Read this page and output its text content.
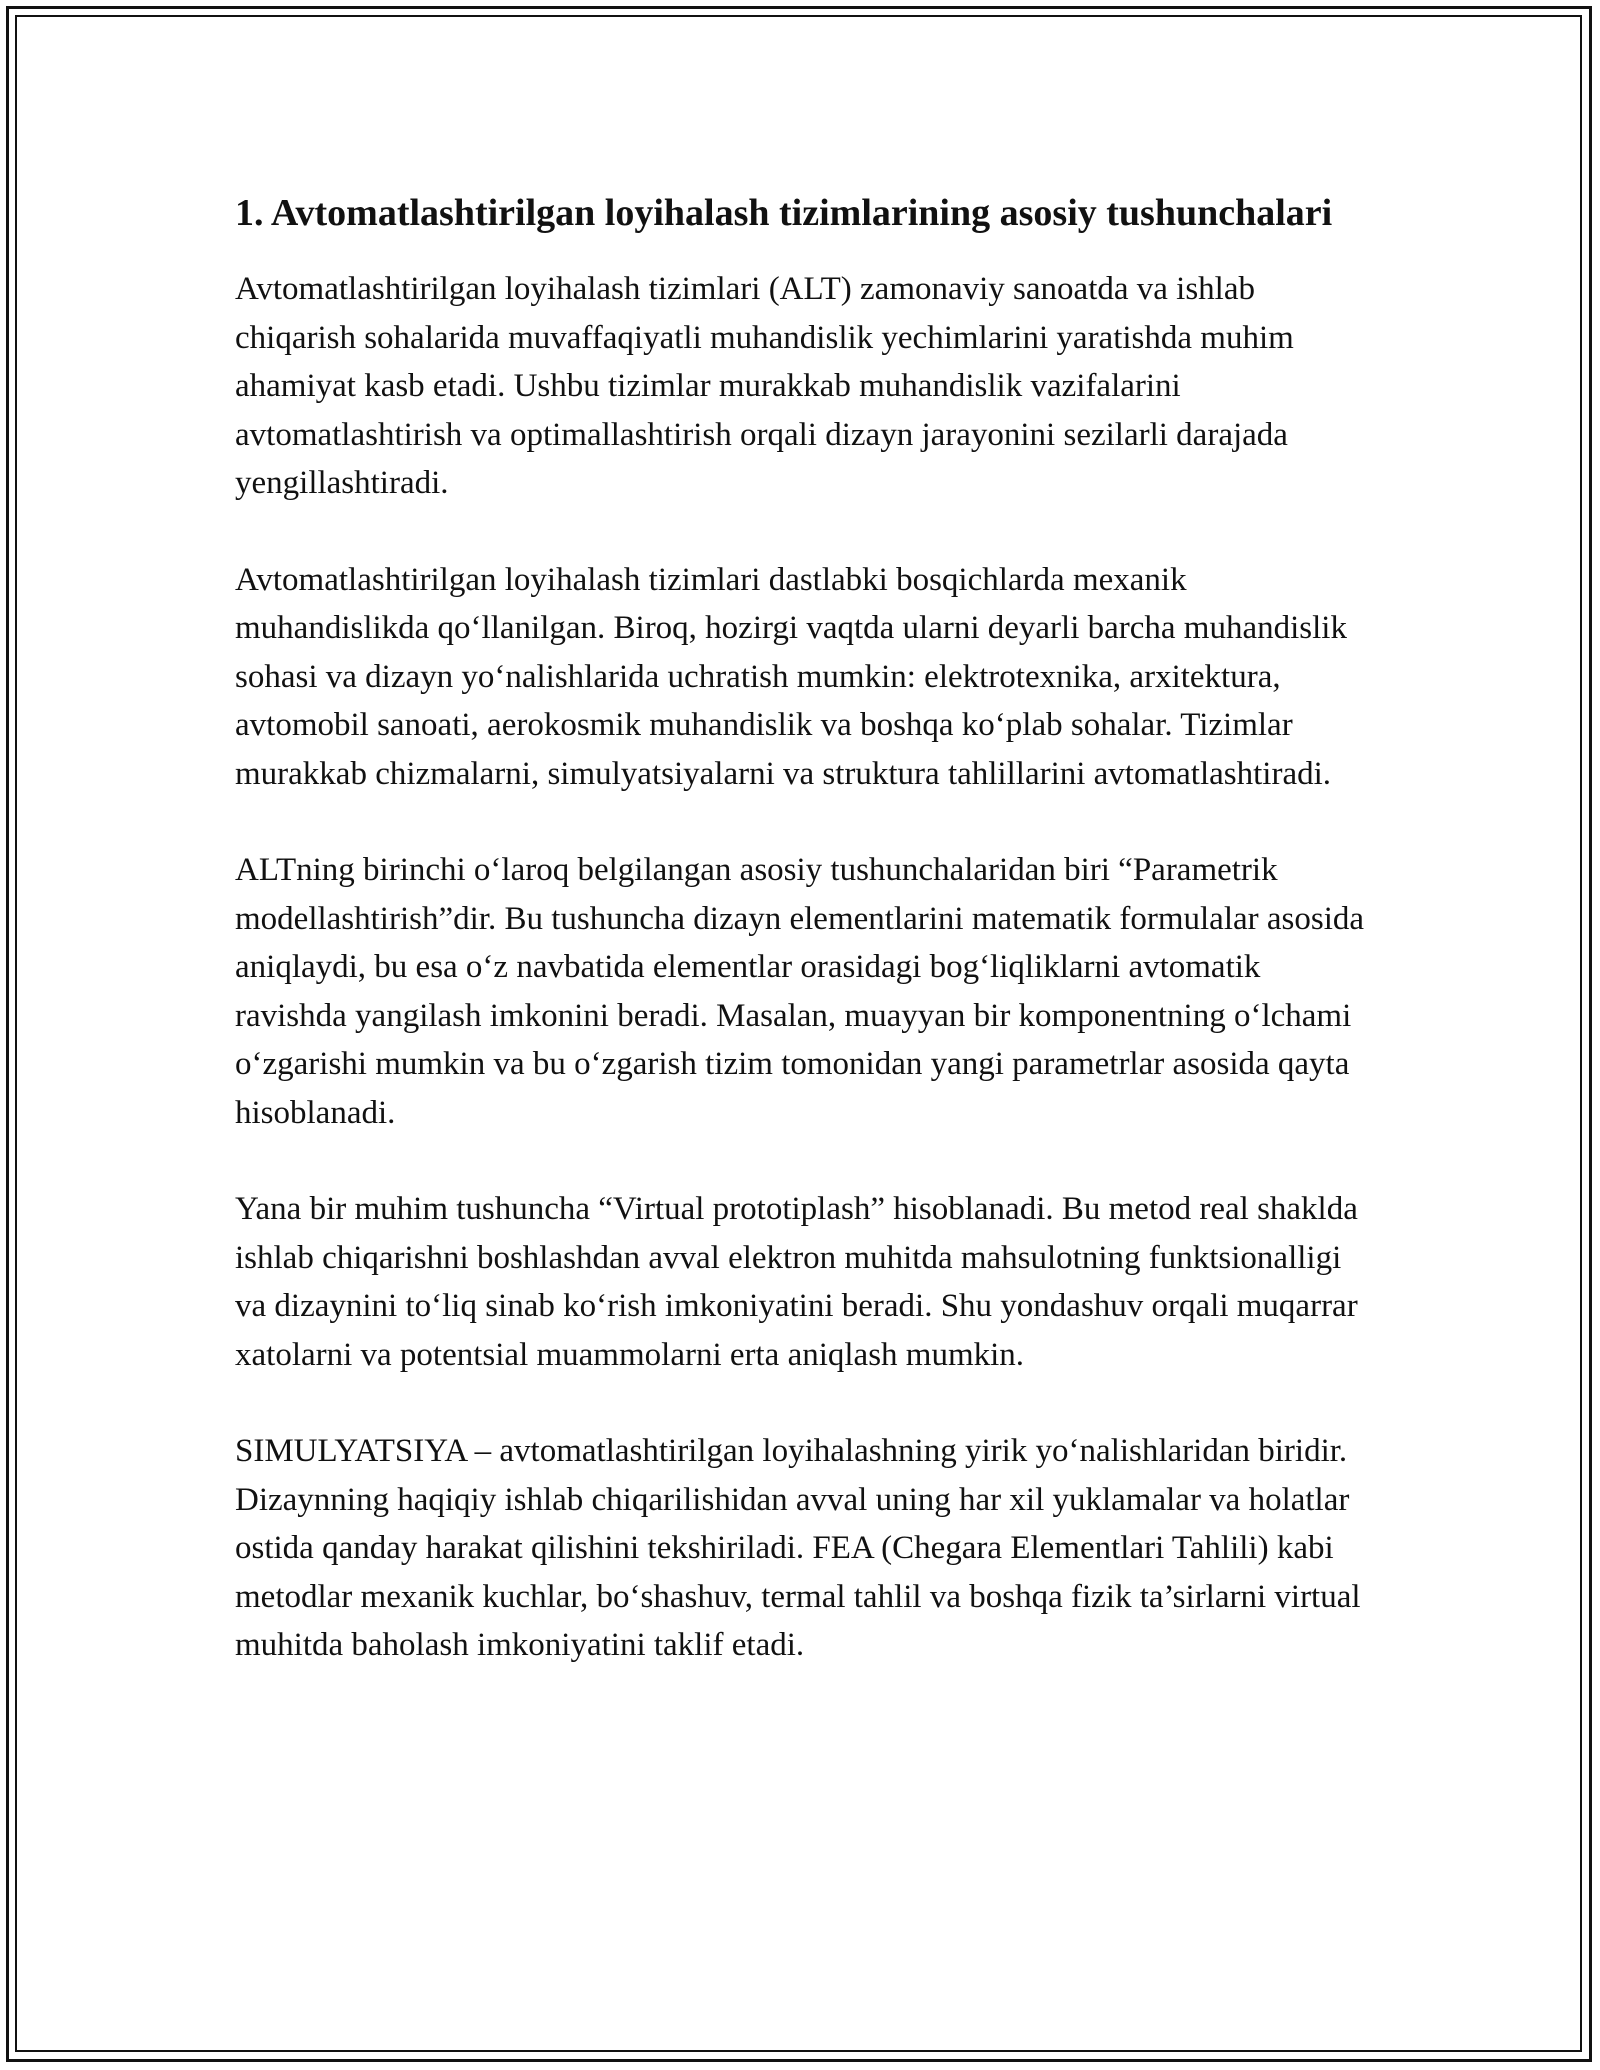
1. Avtomatlashtirilgan loyihalash tizimlarining asosiy tushunchalari

Avtomatlashtirilgan loyihalash tizimlari (ALT) zamonaviy sanoatda va ishlab chiqarish sohalarida muvaffaqiyatli muhandislik yechimlarini yaratishda muhim ahamiyat kasb etadi. Ushbu tizimlar murakkab muhandislik vazifalarini avtomatlashtirish va optimallashtirish orqali dizayn jarayonini sezilarli darajada yengillashtiradi.

Avtomatlashtirilgan loyihalash tizimlari dastlabki bosqichlarda mexanik muhandislikda qo‘llanilgan. Biroq, hozirgi vaqtda ularni deyarli barcha muhandislik sohasi va dizayn yo‘nalishlarida uchratish mumkin: elektrotexnika, arxitektura, avtomobil sanoati, aerokosmik muhandislik va boshqa ko‘plab sohalar. Tizimlar murakkab chizmalarni, simulyatsiyalarni va struktura tahlillarini avtomatlashtiradi.

ALTning birinchi o‘laroq belgilangan asosiy tushunchalaridan biri “Parametrik modellashtirish”dir. Bu tushuncha dizayn elementlarini matematik formulalar asosida aniqlaydi, bu esa o‘z navbatida elementlar orasidagi bog‘liqliklarni avtomatik ravishda yangilash imkonini beradi. Masalan, muayyan bir komponentning o‘lchami o‘zgarishi mumkin va bu o‘zgarish tizim tomonidan yangi parametrlar asosida qayta hisoblanadi.

Yana bir muhim tushuncha “Virtual prototiplash” hisoblanadi. Bu metod real shaklda ishlab chiqarishni boshlashdan avval elektron muhitda mahsulotning funktsionalligi va dizaynini to‘liq sinab ko‘rish imkoniyatini beradi. Shu yondashuv orqali muqarrar xatolarni va potentsial muammolarni erta aniqlash mumkin.

SIMULYATSIYA – avtomatlashtirilgan loyihalashning yirik yo‘nalishlaridan biridir. Dizaynning haqiqiy ishlab chiqarilishidan avval uning har xil yuklamalar va holatlar ostida qanday harakat qilishini tekshiriladi. FEA (Chegara Elementlari Tahlili) kabi metodlar mexanik kuchlar, bo‘shashuv, termal tahlil va boshqa fizik ta’sirlarni virtual muhitda baholash imkoniyatini taklif etadi.
